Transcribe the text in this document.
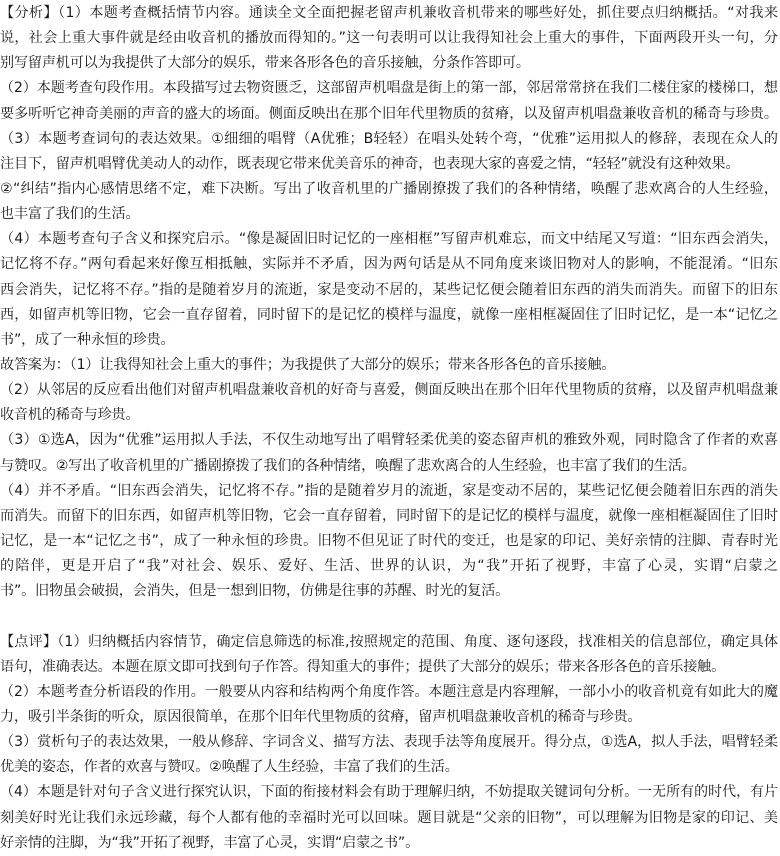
【分析】（1）本题考查概括情节内容。通读全文全面把握老留声机兼收音机带来的哪些好处，抓住要点归纳概括。“对我来
说，社会上重大事件就是经由收音机的播放而得知的。”这一句表明可以让我得知社会上重大的事件，下面两段开头一句，分
别写留声机可以为我提供了大部分的娱乐，带来各形各色的音乐接触，分条作答即可。
（2）本题考查句段作用。本段描写过去物资匮乏，这部留声机唱盘是街上的第一部，邻居常常挤在我们二楼住家的楼梯口，想
要多听听它神奇美丽的声音的盛大的场面。侧面反映出在那个旧年代里物质的贫瘠，以及留声机唱盘兼收音机的稀奇与珍贵。
（3）本题考查词句的表达效果。①细细的唱臂（A优雅；B轻轻）在唱头处转个弯，“优雅”运用拟人的修辞，表现在众人的
注目下，留声机唱臂优美动人的动作，既表现它带来优美音乐的神奇，也表现大家的喜爱之情，“轻轻”就没有这种效果。
②“纠结”指内心感情思绪不定，难下决断。写出了收音机里的广播剧撩拨了我们的各种情绪，唤醒了悲欢离合的人生经验，
也丰富了我们的生活。
（4）本题考查句子含义和探究启示。“像是凝固旧时记忆的一座相框”写留声机难忘，而文中结尾又写道：“旧东西会消失，
记忆将不存。”两句看起来好像互相抵触，实际并不矛盾，因为两句话是从不同角度来谈旧物对人的影响，不能混淆。“旧东
西会消失，记忆将不存。”指的是随着岁月的流逝，家是变动不居的，某些记忆便会随着旧东西的消失而消失。而留下的旧东
西，如留声机等旧物，它会一直存留着，同时留下的是记忆的模样与温度，就像一座相框凝固住了旧时记忆，是一本“记忆之
书”，成了一种永恒的珍贵。
故答案为：（1）让我得知社会上重大的事件；为我提供了大部分的娱乐；带来各形各色的音乐接触。
（2）从邻居的反应看出他们对留声机唱盘兼收音机的好奇与喜爱，侧面反映出在那个旧年代里物质的贫瘠，以及留声机唱盘兼
收音机的稀奇与珍贵。
（3）①选A，因为“优雅”运用拟人手法，不仅生动地写出了唱臂轻柔优美的姿态留声机的雅致外观，同时隐含了作者的欢喜
与赞叹。②写出了收音机里的广播剧撩拨了我们的各种情绪，唤醒了悲欢离合的人生经验，也丰富了我们的生活。
（4）并不矛盾。“旧东西会消失，记忆将不存。”指的是随着岁月的流逝，家是变动不居的，某些记忆便会随着旧东西的消失
而消失。而留下的旧东西，如留声机等旧物，它会一直存留着，同时留下的是记忆的模样与温度，就像一座相框凝固住了旧时
记忆，是一本“记忆之书”，成了一种永恒的珍贵。旧物不但见证了时代的变迁，也是家的印记、美好亲情的注脚、青春时光
的陪伴，更是开启了“我”对社会、娱乐、爱好、生活、世界的认识，为“我”开拓了视野，丰富了心灵，实谓“启蒙之
书”。旧物虽会破损，会消失，但是一想到旧物，仿佛是往事的苏醒、时光的复活。
【点评】（1）归纳概括内容情节，确定信息筛选的标准,按照规定的范围、角度、逐句逐段，找准相关的信息部位，确定具体
语句，准确表达。本题在原文即可找到句子作答。得知重大的事件；提供了大部分的娱乐；带来各形各色的音乐接触。
（2）本题考查分析语段的作用。一般要从内容和结构两个角度作答。本题注意是内容理解，一部小小的收音机竟有如此大的魔
力，吸引半条街的听众，原因很简单，在那个旧年代里物质的贫瘠，留声机唱盘兼收音机的稀奇与珍贵。
（3）赏析句子的表达效果，一般从修辞、字词含义、描写方法、表现手法等角度展开。得分点，①选A，拟人手法，唱臂轻柔
优美的姿态，作者的欢喜与赞叹。②唤醒了人生经验，丰富了我们的生活。
（4）本题是针对句子含义进行探究认识，下面的衔接材料会有助于理解归纳，不妨提取关键词句分析。一无所有的时代，有片
刻美好时光让我们永远珍藏，每个人都有他的幸福时光可以回味。题目就是“父亲的旧物”，可以理解为旧物是家的印记、美
好亲情的注脚，为“我”开拓了视野，丰富了心灵，实谓“启蒙之书”。
